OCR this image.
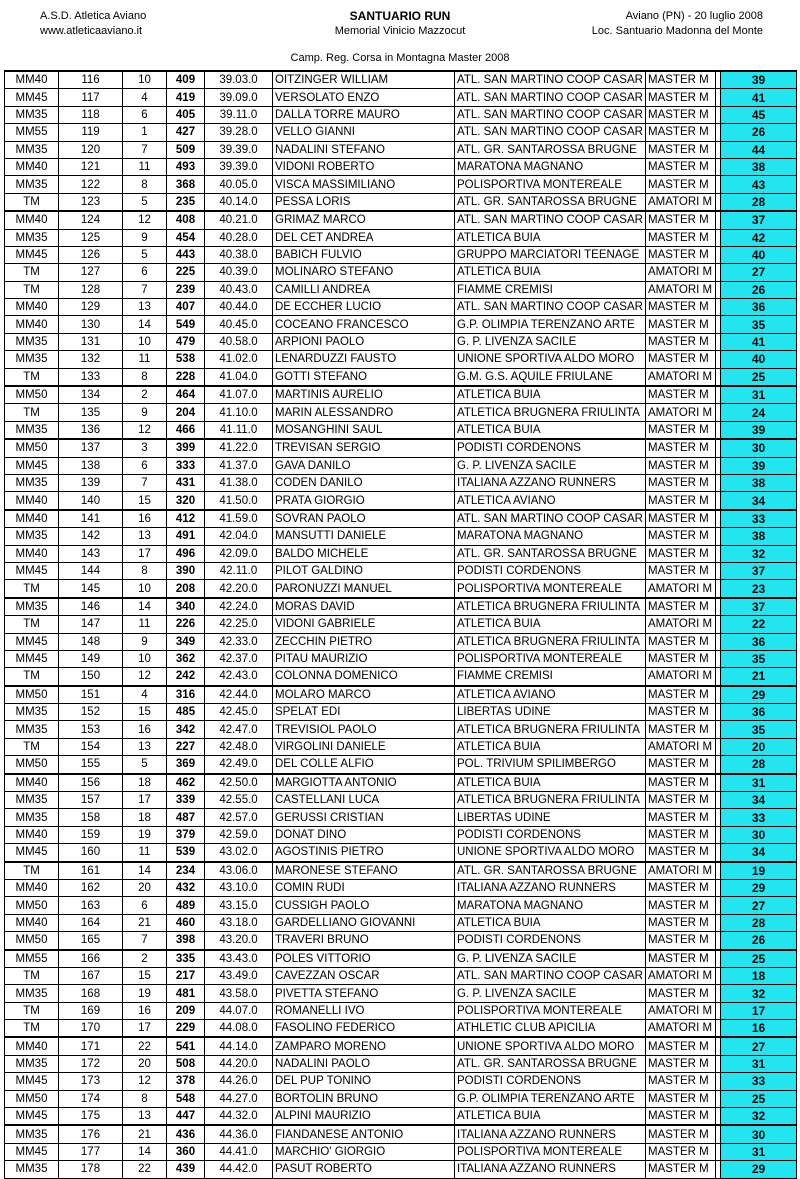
A.S.D. Atletica Aviano
www.atleticaaviano.it
SANTUARIO RUN
Memorial Vinicio Mazzocut
Aviano (PN) - 20 luglio 2008
Loc. Santuario Madonna del Monte
Camp. Reg. Corsa in Montagna Master 2008
MM40	116	10	409	39.03.0	OITZINGER WILLIAM	ATL. SAN MARTINO COOP CASAR	MASTER M		39
MM45	117	4	419	39.09.0	VERSOLATO ENZO	ATL. SAN MARTINO COOP CASAR	MASTER M		41
MM35	118	6	405	39.11.0	DALLA TORRE MAURO	ATL. SAN MARTINO COOP CASAR	MASTER M		45
MM55	119	1	427	39.28.0	VELLO GIANNI	ATL. SAN MARTINO COOP CASAR	MASTER M		26
MM35	120	7	509	39.39.0	NADALINI STEFANO	ATL. GR. SANTAROSSA BRUGNE	MASTER M		44
MM40	121	11	493	39.39.0	VIDONI ROBERTO	MARATONA MAGNANO	MASTER M		38
MM35	122	8	368	40.05.0	VISCA MASSIMILIANO	POLISPORTIVA MONTEREALE	MASTER M		43
TM	123	5	235	40.14.0	PESSA LORIS	ATL. GR. SANTAROSSA BRUGNE	AMATORI M		28
MM40	124	12	408	40.21.0	GRIMAZ MARCO	ATL. SAN MARTINO COOP CASAR	MASTER M		37
MM35	125	9	454	40.28.0	DEL CET ANDREA	ATLETICA BUIA	MASTER M		42
MM45	126	5	443	40.38.0	BABICH FULVIO	GRUPPO MARCIATORI TEENAGE	MASTER M		40
TM	127	6	225	40.39.0	MOLINARO STEFANO	ATLETICA BUIA	AMATORI M		27
TM	128	7	239	40.43.0	CAMILLI ANDREA	FIAMME CREMISI	AMATORI M		26
MM40	129	13	407	40.44.0	DE ECCHER LUCIO	ATL. SAN MARTINO COOP CASAR	MASTER M		36
MM40	130	14	549	40.45.0	COCEANO FRANCESCO	G.P. OLIMPIA TERENZANO ARTE	MASTER M		35
MM35	131	10	479	40.58.0	ARPIONI PAOLO	G. P. LIVENZA SACILE	MASTER M		41
MM35	132	11	538	41.02.0	LENARDUZZI FAUSTO	UNIONE SPORTIVA ALDO MORO	MASTER M		40
TM	133	8	228	41.04.0	GOTTI STEFANO	G.M. G.S. AQUILE FRIULANE	AMATORI M		25
MM50	134	2	464	41.07.0	MARTINIS AURELIO	ATLETICA BUIA	MASTER M		31
TM	135	9	204	41.10.0	MARIN ALESSANDRO	ATLETICA BRUGNERA FRIULINTA	AMATORI M		24
MM35	136	12	466	41.11.0	MOSANGHINI SAUL	ATLETICA BUIA	MASTER M		39
MM50	137	3	399	41.22.0	TREVISAN SERGIO	PODISTI CORDENONS	MASTER M		30
MM45	138	6	333	41.37.0	GAVA DANILO	G. P. LIVENZA SACILE	MASTER M		39
MM35	139	7	431	41.38.0	CODEN DANILO	ITALIANA AZZANO RUNNERS	MASTER M		38
MM40	140	15	320	41.50.0	PRATA GIORGIO	ATLETICA AVIANO	MASTER M		34
MM40	141	16	412	41.59.0	SOVRAN PAOLO	ATL. SAN MARTINO COOP CASAR	MASTER M		33
MM35	142	13	491	42.04.0	MANSUTTI DANIELE	MARATONA MAGNANO	MASTER M		38
MM40	143	17	496	42.09.0	BALDO MICHELE	ATL. GR. SANTAROSSA BRUGNE	MASTER M		32
MM45	144	8	390	42.11.0	PILOT GALDINO	PODISTI CORDENONS	MASTER M		37
TM	145	10	208	42.20.0	PARONUZZI MANUEL	POLISPORTIVA MONTEREALE	AMATORI M		23
MM35	146	14	340	42.24.0	MORAS DAVID	ATLETICA BRUGNERA FRIULINTA	MASTER M		37
TM	147	11	226	42.25.0	VIDONI GABRIELE	ATLETICA BUIA	AMATORI M		22
MM45	148	9	349	42.33.0	ZECCHIN PIETRO	ATLETICA BRUGNERA FRIULINTA	MASTER M		36
MM45	149	10	362	42.37.0	PITAU MAURIZIO	POLISPORTIVA MONTEREALE	MASTER M		35
TM	150	12	242	42.43.0	COLONNA DOMENICO	FIAMME CREMISI	AMATORI M		21
MM50	151	4	316	42.44.0	MOLARO MARCO	ATLETICA AVIANO	MASTER M		29
MM35	152	15	485	42.45.0	SPELAT EDI	LIBERTAS UDINE	MASTER M		36
MM35	153	16	342	42.47.0	TREVISIOL PAOLO	ATLETICA BRUGNERA FRIULINTA	MASTER M		35
TM	154	13	227	42.48.0	VIRGOLINI DANIELE	ATLETICA BUIA	AMATORI M		20
MM50	155	5	369	42.49.0	DEL COLLE ALFIO	POL. TRIVIUM SPILIMBERGO	MASTER M		28
MM40	156	18	462	42.50.0	MARGIOTTA ANTONIO	ATLETICA BUIA	MASTER M		31
MM35	157	17	339	42.55.0	CASTELLANI LUCA	ATLETICA BRUGNERA FRIULINTA	MASTER M		34
MM35	158	18	487	42.57.0	GERUSSI CRISTIAN	LIBERTAS UDINE	MASTER M		33
MM40	159	19	379	42.59.0	DONAT DINO	PODISTI CORDENONS	MASTER M		30
MM45	160	11	539	43.02.0	AGOSTINIS PIETRO	UNIONE SPORTIVA ALDO MORO	MASTER M		34
TM	161	14	234	43.06.0	MARONESE STEFANO	ATL. GR. SANTAROSSA BRUGNE	AMATORI M		19
MM40	162	20	432	43.10.0	COMIN RUDI	ITALIANA AZZANO RUNNERS	MASTER M		29
MM50	163	6	489	43.15.0	CUSSIGH PAOLO	MARATONA MAGNANO	MASTER M		27
MM40	164	21	460	43.18.0	GARDELLIANO GIOVANNI	ATLETICA BUIA	MASTER M		28
MM50	165	7	398	43.20.0	TRAVERI BRUNO	PODISTI CORDENONS	MASTER M		26
MM55	166	2	335	43.43.0	POLES VITTORIO	G. P. LIVENZA SACILE	MASTER M		25
TM	167	15	217	43.49.0	CAVEZZAN OSCAR	ATL. SAN MARTINO COOP CASAR	AMATORI M		18
MM35	168	19	481	43.58.0	PIVETTA STEFANO	G. P. LIVENZA SACILE	MASTER M		32
TM	169	16	209	44.07.0	ROMANELLI IVO	POLISPORTIVA MONTEREALE	AMATORI M		17
TM	170	17	229	44.08.0	FASOLINO FEDERICO	ATHLETIC CLUB APICILIA	AMATORI M		16
MM40	171	22	541	44.14.0	ZAMPARO MORENO	UNIONE SPORTIVA ALDO MORO	MASTER M		27
MM35	172	20	508	44.20.0	NADALINI PAOLO	ATL. GR. SANTAROSSA BRUGNE	MASTER M		31
MM45	173	12	378	44.26.0	DEL PUP TONINO	PODISTI CORDENONS	MASTER M		33
MM50	174	8	548	44.27.0	BORTOLIN BRUNO	G.P. OLIMPIA TERENZANO ARTE	MASTER M		25
MM45	175	13	447	44.32.0	ALPINI MAURIZIO	ATLETICA BUIA	MASTER M		32
MM35	176	21	436	44.36.0	FIANDANESE ANTONIO	ITALIANA AZZANO RUNNERS	MASTER M		30
MM45	177	14	360	44.41.0	MARCHIO' GIORGIO	POLISPORTIVA MONTEREALE	MASTER M		31
MM35	178	22	439	44.42.0	PASUT ROBERTO	ITALIANA AZZANO RUNNERS	MASTER M		29
